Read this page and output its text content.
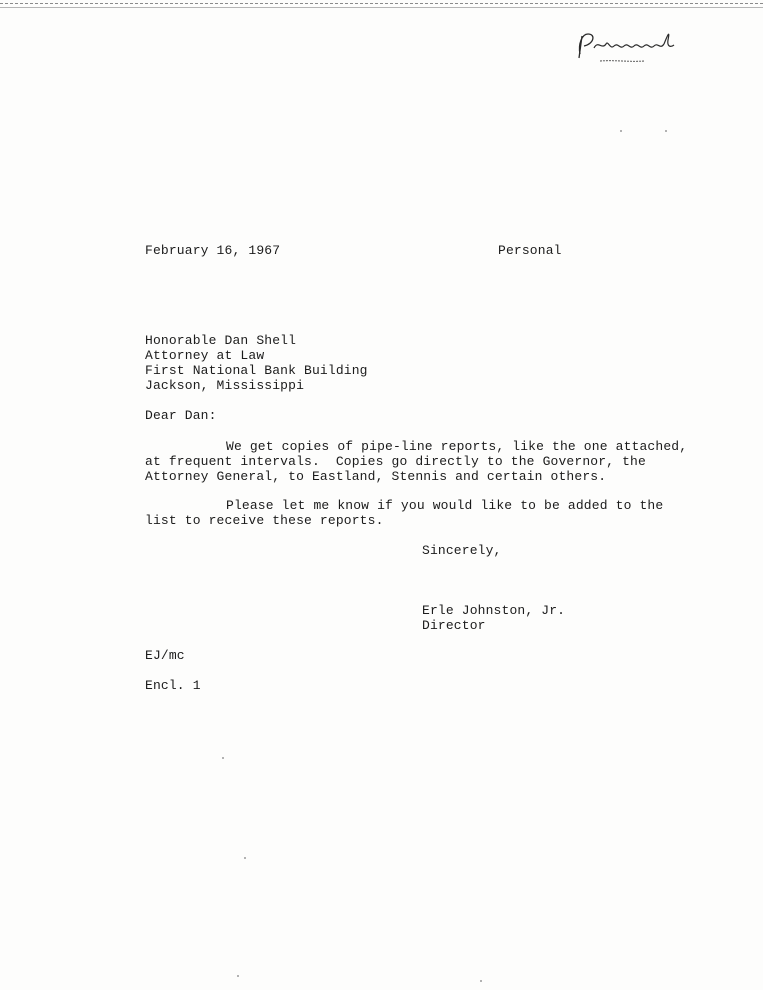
February 16, 1967	Personal
Honorable Dan Shell
Attorney at Law
First National Bank Building
Jackson, Mississippi
Dear Dan:
We get copies of pipe-line reports, like the one attached,
at frequent intervals.  Copies go directly to the Governor, the
Attorney General, to Eastland, Stennis and certain others.
Please let me know if you would like to be added to the
list to receive these reports.
Sincerely,
Erle Johnston, Jr.
Director
EJ/mc
Encl. 1
